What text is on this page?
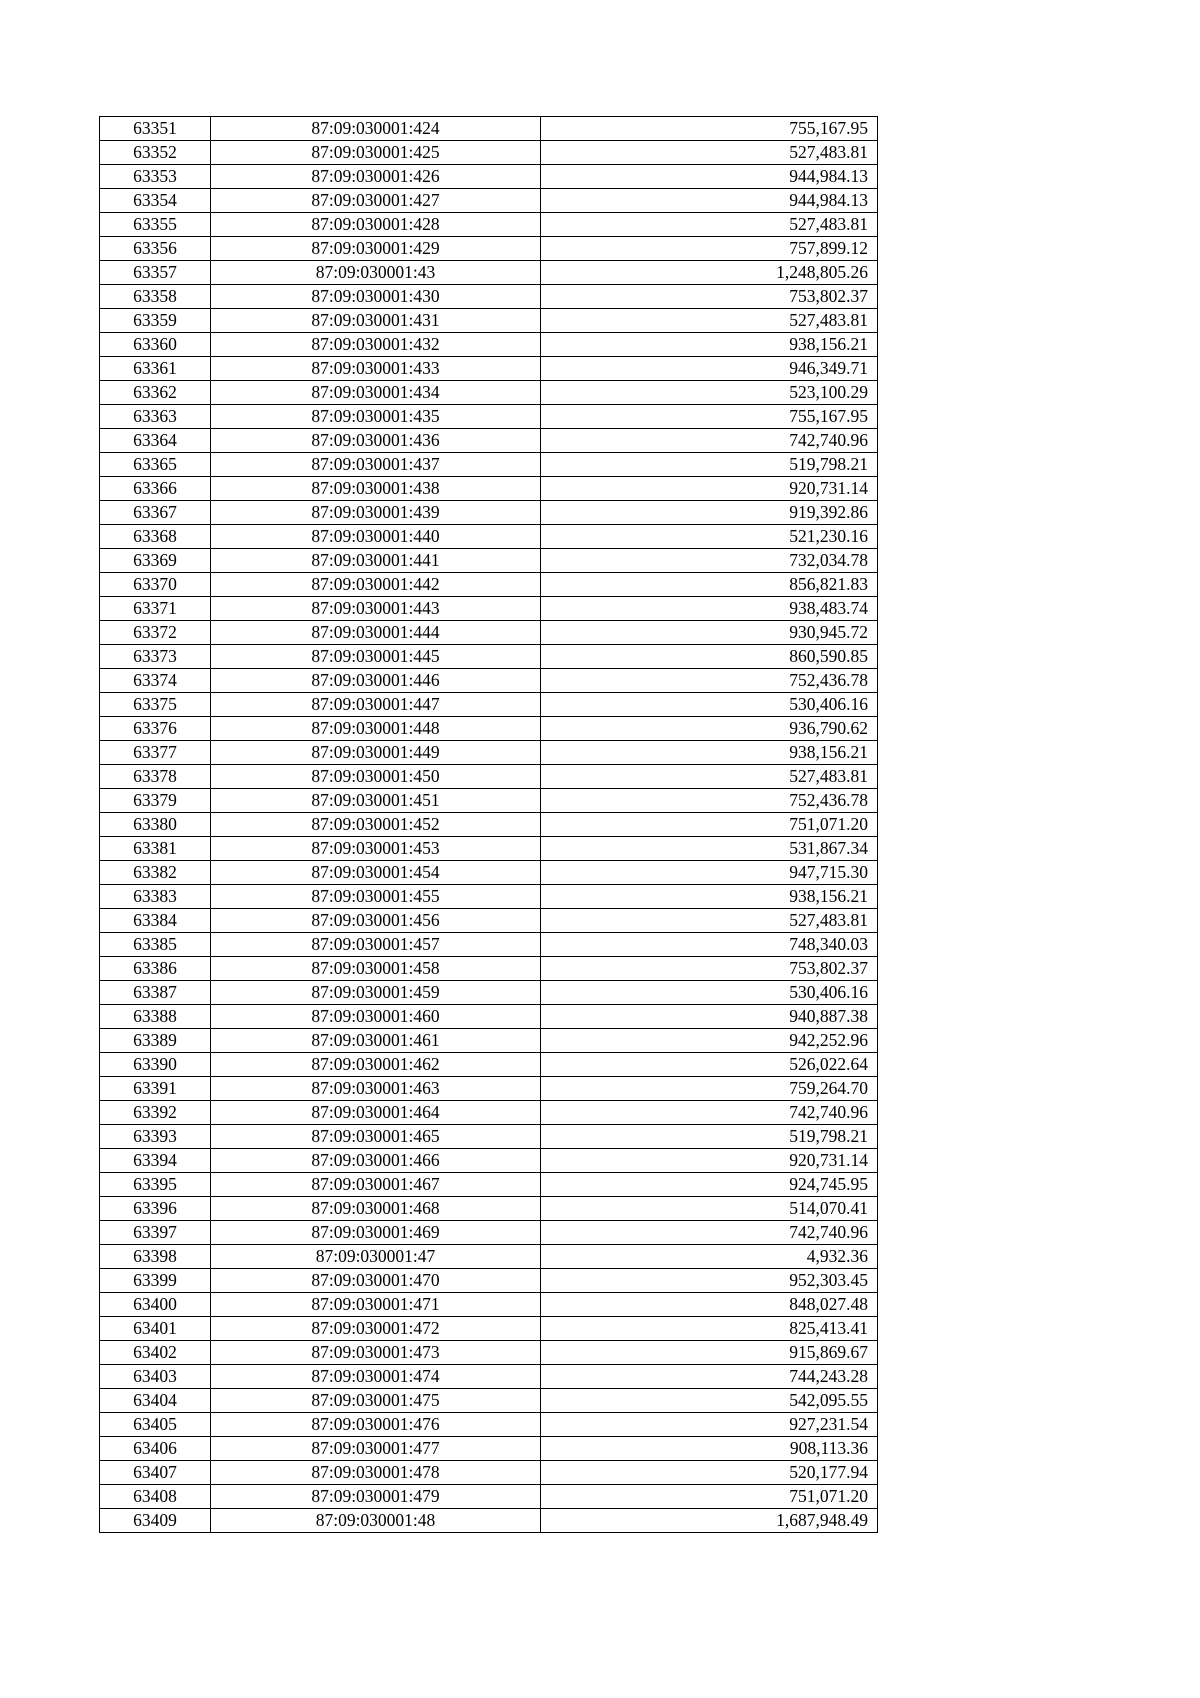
63351	87:09:030001:424	755,167.95
63352	87:09:030001:425	527,483.81
63353	87:09:030001:426	944,984.13
63354	87:09:030001:427	944,984.13
63355	87:09:030001:428	527,483.81
63356	87:09:030001:429	757,899.12
63357	87:09:030001:43	1,248,805.26
63358	87:09:030001:430	753,802.37
63359	87:09:030001:431	527,483.81
63360	87:09:030001:432	938,156.21
63361	87:09:030001:433	946,349.71
63362	87:09:030001:434	523,100.29
63363	87:09:030001:435	755,167.95
63364	87:09:030001:436	742,740.96
63365	87:09:030001:437	519,798.21
63366	87:09:030001:438	920,731.14
63367	87:09:030001:439	919,392.86
63368	87:09:030001:440	521,230.16
63369	87:09:030001:441	732,034.78
63370	87:09:030001:442	856,821.83
63371	87:09:030001:443	938,483.74
63372	87:09:030001:444	930,945.72
63373	87:09:030001:445	860,590.85
63374	87:09:030001:446	752,436.78
63375	87:09:030001:447	530,406.16
63376	87:09:030001:448	936,790.62
63377	87:09:030001:449	938,156.21
63378	87:09:030001:450	527,483.81
63379	87:09:030001:451	752,436.78
63380	87:09:030001:452	751,071.20
63381	87:09:030001:453	531,867.34
63382	87:09:030001:454	947,715.30
63383	87:09:030001:455	938,156.21
63384	87:09:030001:456	527,483.81
63385	87:09:030001:457	748,340.03
63386	87:09:030001:458	753,802.37
63387	87:09:030001:459	530,406.16
63388	87:09:030001:460	940,887.38
63389	87:09:030001:461	942,252.96
63390	87:09:030001:462	526,022.64
63391	87:09:030001:463	759,264.70
63392	87:09:030001:464	742,740.96
63393	87:09:030001:465	519,798.21
63394	87:09:030001:466	920,731.14
63395	87:09:030001:467	924,745.95
63396	87:09:030001:468	514,070.41
63397	87:09:030001:469	742,740.96
63398	87:09:030001:47	4,932.36
63399	87:09:030001:470	952,303.45
63400	87:09:030001:471	848,027.48
63401	87:09:030001:472	825,413.41
63402	87:09:030001:473	915,869.67
63403	87:09:030001:474	744,243.28
63404	87:09:030001:475	542,095.55
63405	87:09:030001:476	927,231.54
63406	87:09:030001:477	908,113.36
63407	87:09:030001:478	520,177.94
63408	87:09:030001:479	751,071.20
63409	87:09:030001:48	1,687,948.49
